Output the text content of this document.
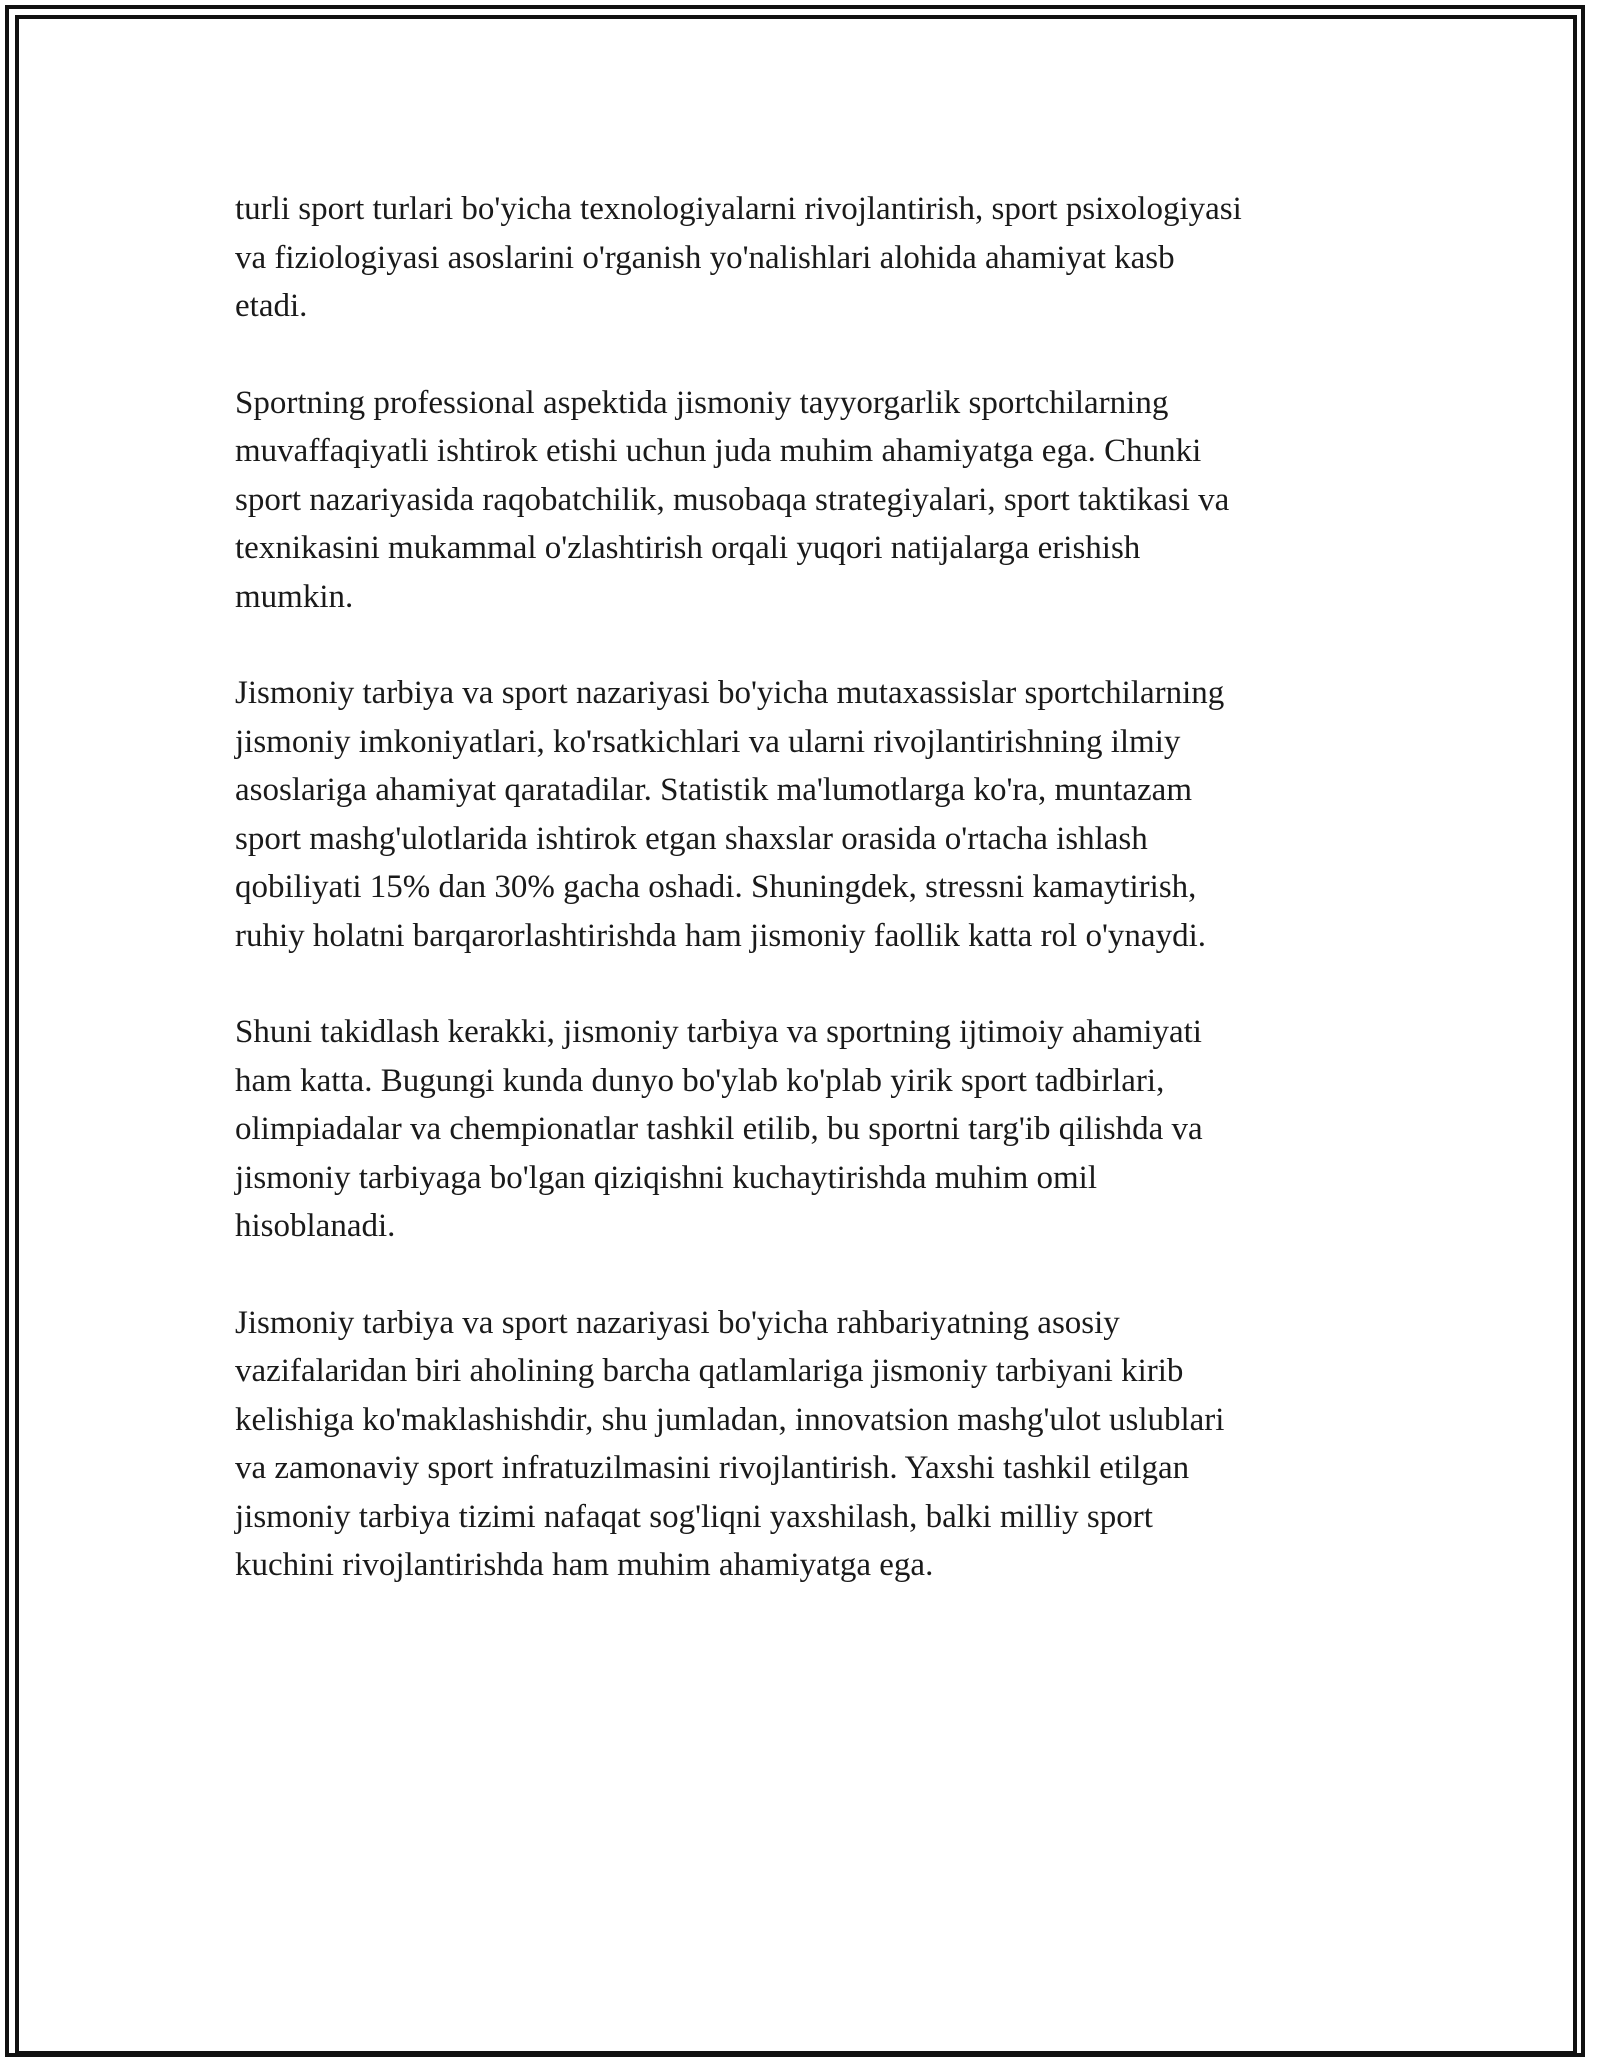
turli sport turlari bo'yicha texnologiyalarni rivojlantirish, sport psixologiyasi
va fiziologiyasi asoslarini o'rganish yo'nalishlari alohida ahamiyat kasb
etadi.

Sportning professional aspektida jismoniy tayyorgarlik sportchilarning
muvaffaqiyatli ishtirok etishi uchun juda muhim ahamiyatga ega. Chunki
sport nazariyasida raqobatchilik, musobaqa strategiyalari, sport taktikasi va
texnikasini mukammal o'zlashtirish orqali yuqori natijalarga erishish
mumkin.

Jismoniy tarbiya va sport nazariyasi bo'yicha mutaxassislar sportchilarning
jismoniy imkoniyatlari, ko'rsatkichlari va ularni rivojlantirishning ilmiy
asoslariga ahamiyat qaratadilar. Statistik ma'lumotlarga ko'ra, muntazam
sport mashg'ulotlarida ishtirok etgan shaxslar orasida o'rtacha ishlash
qobiliyati 15% dan 30% gacha oshadi. Shuningdek, stressni kamaytirish,
ruhiy holatni barqarorlashtirishda ham jismoniy faollik katta rol o'ynaydi.

Shuni takidlash kerakki, jismoniy tarbiya va sportning ijtimoiy ahamiyati
ham katta. Bugungi kunda dunyo bo'ylab ko'plab yirik sport tadbirlari,
olimpiadalar va chempionatlar tashkil etilib, bu sportni targ'ib qilishda va
jismoniy tarbiyaga bo'lgan qiziqishni kuchaytirishda muhim omil
hisoblanadi.

Jismoniy tarbiya va sport nazariyasi bo'yicha rahbariyatning asosiy
vazifalaridan biri aholining barcha qatlamlariga jismoniy tarbiyani kirib
kelishiga ko'maklashishdir, shu jumladan, innovatsion mashg'ulot uslublari
va zamonaviy sport infratuzilmasini rivojlantirish. Yaxshi tashkil etilgan
jismoniy tarbiya tizimi nafaqat sog'liqni yaxshilash, balki milliy sport
kuchini rivojlantirishda ham muhim ahamiyatga ega.
